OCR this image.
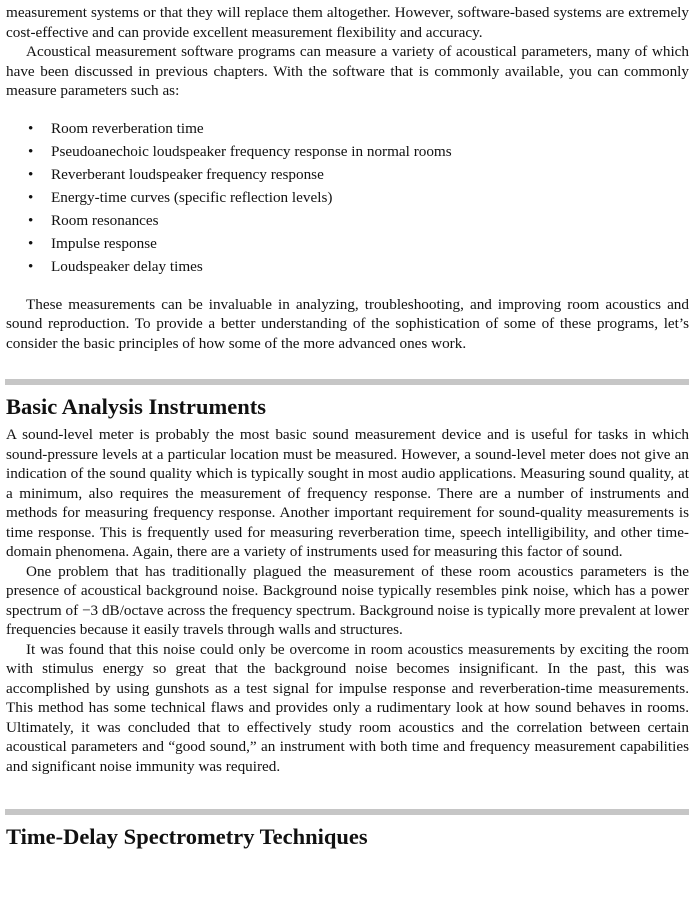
measurement systems or that they will replace them altogether. However, software-based systems are extremely cost-effective and can provide excellent measurement flexibility and accuracy.

Acoustical measurement software programs can measure a variety of acoustical parameters, many of which have been discussed in previous chapters. With the software that is commonly available, you can commonly measure parameters such as:

• Room reverberation time
• Pseudoanechoic loudspeaker frequency response in normal rooms
• Reverberant loudspeaker frequency response
• Energy-time curves (specific reflection levels)
• Room resonances
• Impulse response
• Loudspeaker delay times

These measurements can be invaluable in analyzing, troubleshooting, and improving room acoustics and sound reproduction. To provide a better understanding of the sophistication of some of these programs, let’s consider the basic principles of how some of the more advanced ones work.

Basic Analysis Instruments

A sound-level meter is probably the most basic sound measurement device and is useful for tasks in which sound-pressure levels at a particular location must be measured. However, a sound-level meter does not give an indication of the sound quality which is typically sought in most audio applications. Measuring sound quality, at a minimum, also requires the measurement of frequency response. There are a number of instruments and methods for measuring frequency response. Another important requirement for sound-quality measurements is time response. This is frequently used for measuring reverberation time, speech intelligibility, and other time-domain phenomena. Again, there are a variety of instruments used for measuring this factor of sound.

One problem that has traditionally plagued the measurement of these room acoustics parameters is the presence of acoustical background noise. Background noise typically resembles pink noise, which has a power spectrum of −3 dB/octave across the frequency spectrum. Background noise is typically more prevalent at lower frequencies because it easily travels through walls and structures.

It was found that this noise could only be overcome in room acoustics measurements by exciting the room with stimulus energy so great that the background noise becomes insignificant. In the past, this was accomplished by using gunshots as a test signal for impulse response and reverberation-time measurements. This method has some technical flaws and provides only a rudimentary look at how sound behaves in rooms. Ultimately, it was concluded that to effectively study room acoustics and the correlation between certain acoustical parameters and “good sound,” an instrument with both time and frequency measurement capabilities and significant noise immunity was required.

Time-Delay Spectrometry Techniques
